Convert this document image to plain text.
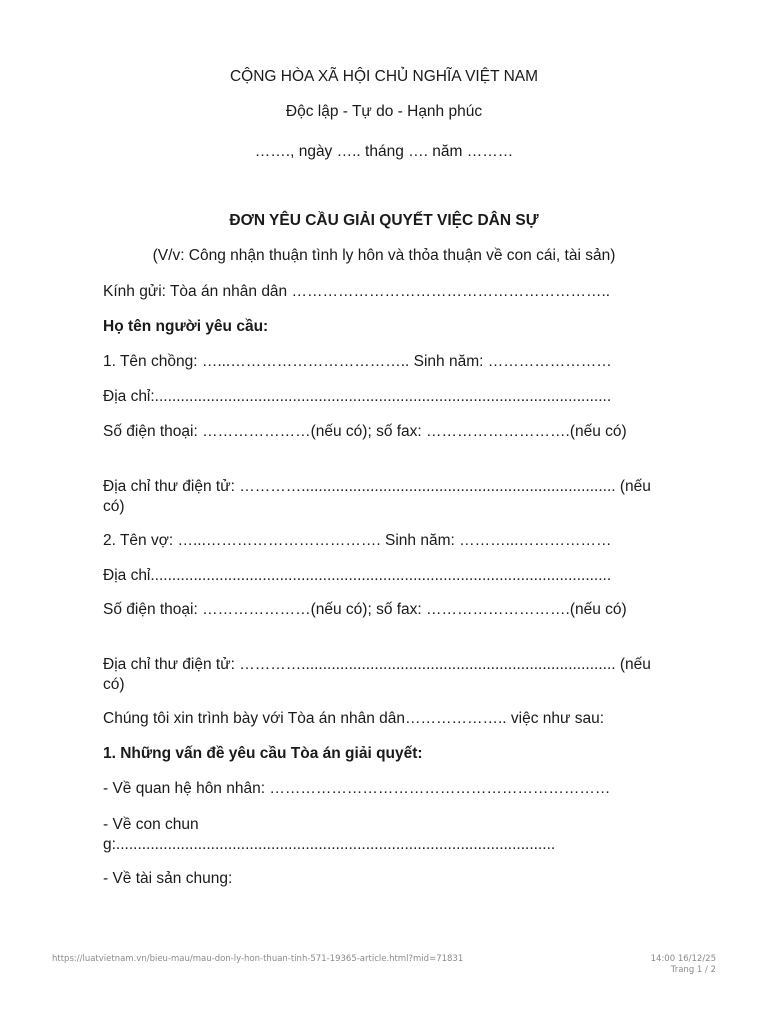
CỘNG HÒA XÃ HỘI CHỦ NGHĨA VIỆT NAM
Độc lập - Tự do - Hạnh phúc
……., ngày ….. tháng …. năm ………
ĐƠN YÊU CẦU GIẢI QUYẾT VIỆC DÂN SỰ
(V/v: Công nhận thuận tình ly hôn và thỏa thuận về con cái, tài sản)
Kính gửi: Tòa án nhân dân ……………………………………………………..
Họ tên người yêu cầu:
1. Tên chồng: …...…………………………….. Sinh năm: ……………………
Địa chỉ:..........................................................................................................
Số điện thoại: …………………(nếu có); số fax: ……………………….(nếu có)
Địa chỉ thư điện tử: …………......................................................................... (nếu có)
2. Tên vợ: …...……………………………. Sinh năm: ………...………………
Địa chỉ...........................................................................................................
Số điện thoại: …………………(nếu có); số fax: ……………………….(nếu có)
Địa chỉ thư điện tử: …………......................................................................... (nếu có)
Chúng tôi xin trình bày với Tòa án nhân dân……………….. việc như sau:
1. Những vấn đề yêu cầu Tòa án giải quyết:
- Về quan hệ hôn nhân: …………………………………………………………
- Về con chung:......................................................................................................
- Về tài sản chung:
https://luatvietnam.vn/bieu-mau/mau-don-ly-hon-thuan-tinh-571-19365-article.html?mid=71831	14:00 16/12/25
Trang 1 / 2
